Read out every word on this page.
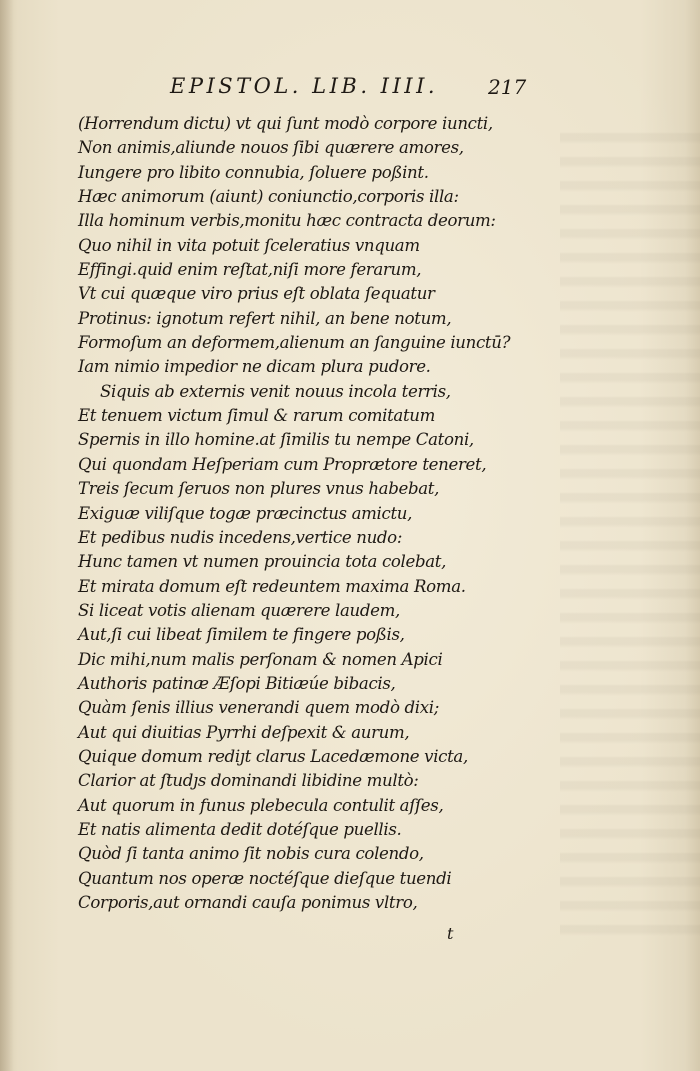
EPISTOL. LIB. IIII. 217
(Horrendum dictu) vt qui ſunt modò corpore iuncti,
Non animis,aliunde nouos ſibi quærere amores,
Iungere pro libito connubia, ſoluere poßint.
Hæc animorum (aiunt) coniunctio,corporis illa:
Illa hominum verbis,monitu hæc contracta deorum:
Quo nihil in vita potuit ſceleratius vnquam
Effingi.quid enim reſtat,niſi more ferarum,
Vt cui quæque viro prius eſt oblata ſequatur
Protinus: ignotum refert nihil, an bene notum,
Formoſum an deformem,alienum an ſanguine iunctū?
Iam nimio impedior ne dicam plura pudore.
Siquis ab externis venit nouus incola terris,
Et tenuem victum ſimul & rarum comitatum
Spernis in illo homine.at ſimilis tu nempe Catoni,
Qui quondam Heſperiam cum Proprætore teneret,
Treis ſecum ſeruos non plures vnus habebat,
Exiguæ viliſque togæ præcinctus amictu,
Et pedibus nudis incedens,vertice nudo:
Hunc tamen vt numen prouincia tota colebat,
Et mirata domum eſt redeuntem maxima Roma.
Si liceat votis alienam quærere laudem,
Aut,ſi cui libeat ſimilem te fingere poßis,
Dic mihi,num malis perſonam & nomen Apici
Authoris patinæ Æſopi Bitiæúe bibacis,
Quàm ſenis illius venerandi quem modò dixi;
Aut qui diuitias Pyrrhi deſpexit & aurum,
Quique domum rediȷt clarus Lacedæmone victa,
Clarior at ſtudȷs dominandi libidine multò:
Aut quorum in funus plebecula contulit aſſes,
Et natis alimenta dedit dotéſque puellis.
Quòd ſi tanta animo ſit nobis cura colendo,
Quantum nos operæ noctéſque dieſque tuendi
Corporis,aut ornandi cauſa ponimus vltro,
t
